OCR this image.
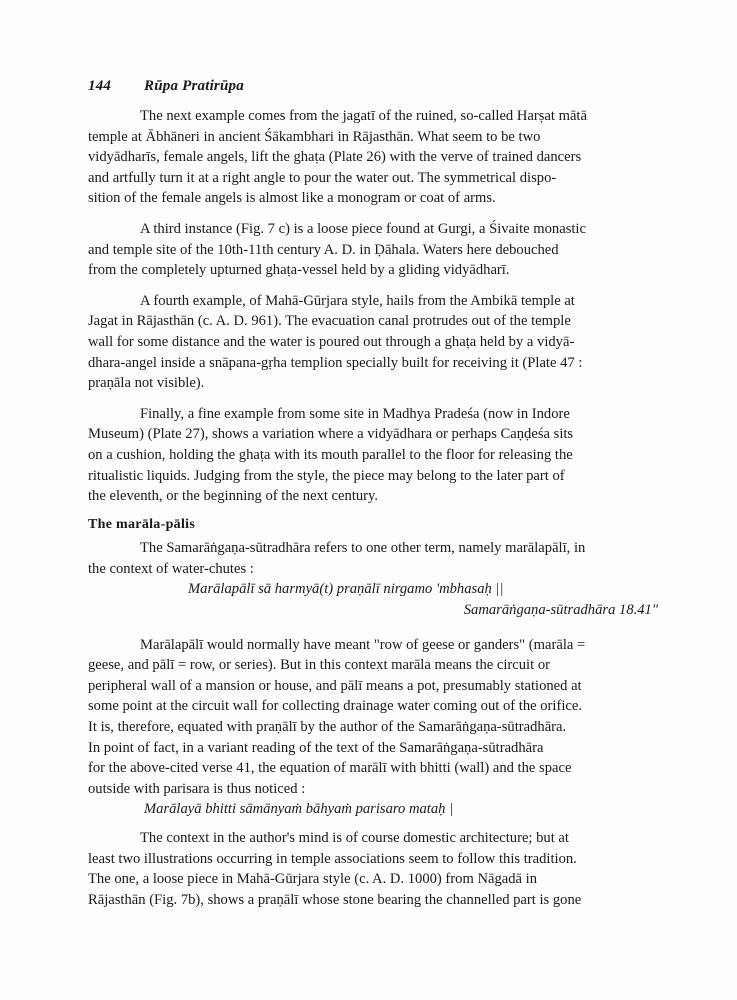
144 Rūpa Pratirūpa
The next example comes from the jagatī of the ruined, so-called Harṣat mātā
temple at Ābhāneri in ancient Śākambhari in Rājasthān. What seem to be two
vidyādharīs, female angels, lift the ghaṭa (Plate 26) with the verve of trained dancers
and artfully turn it at a right angle to pour the water out. The symmetrical dispo-
sition of the female angels is almost like a monogram or coat of arms.
A third instance (Fig. 7 c) is a loose piece found at Gurgi, a Śivaite monastic
and temple site of the 10th-11th century A. D. in Ḍāhala. Waters here debouched
from the completely upturned ghaṭa-vessel held by a gliding vidyādharī.
A fourth example, of Mahā-Gūrjara style, hails from the Ambikā temple at
Jagat in Rājasthān (c. A. D. 961). The evacuation canal protrudes out of the temple
wall for some distance and the water is poured out through a ghaṭa held by a vidyā-
dhara-angel inside a snāpana-gṛha templion specially built for receiving it (Plate 47 :
praṇāla not visible).
Finally, a fine example from some site in Madhya Pradeśa (now in Indore
Museum) (Plate 27), shows a variation where a vidyādhara or perhaps Caṇḍeśa sits
on a cushion, holding the ghaṭa with its mouth parallel to the floor for releasing the
ritualistic liquids. Judging from the style, the piece may belong to the later part of
the eleventh, or the beginning of the next century.
The marāla-pālis
The Samarāṅgaṇa-sūtradhāra refers to one other term, namely marālapālī, in
the context of water-chutes :
Marālapālī sā harmyā(t) praṇālī nirgamo 'mbhasaḥ ||
Samarāṅgaṇa-sūtradhāra 18.41"
Marālapālī would normally have meant "row of geese or ganders" (marāla =
geese, and pālī = row, or series). But in this context marāla means the circuit or
peripheral wall of a mansion or house, and pālī means a pot, presumably stationed at
some point at the circuit wall for collecting drainage water coming out of the orifice.
It is, therefore, equated with praṇālī by the author of the Samarāṅgaṇa-sūtradhāra.
In point of fact, in a variant reading of the text of the Samarāṅgaṇa-sūtradhāra
for the above-cited verse 41, the equation of marālī with bhitti (wall) and the space
outside with parisara is thus noticed :
Marālayā bhitti sāmānyaṁ bāhyaṁ parisaro mataḥ |
The context in the author's mind is of course domestic architecture; but at
least two illustrations occurring in temple associations seem to follow this tradition.
The one, a loose piece in Mahā-Gūrjara style (c. A. D. 1000) from Nāgadā in
Rājasthān (Fig. 7b), shows a praṇālī whose stone bearing the channelled part is gone
